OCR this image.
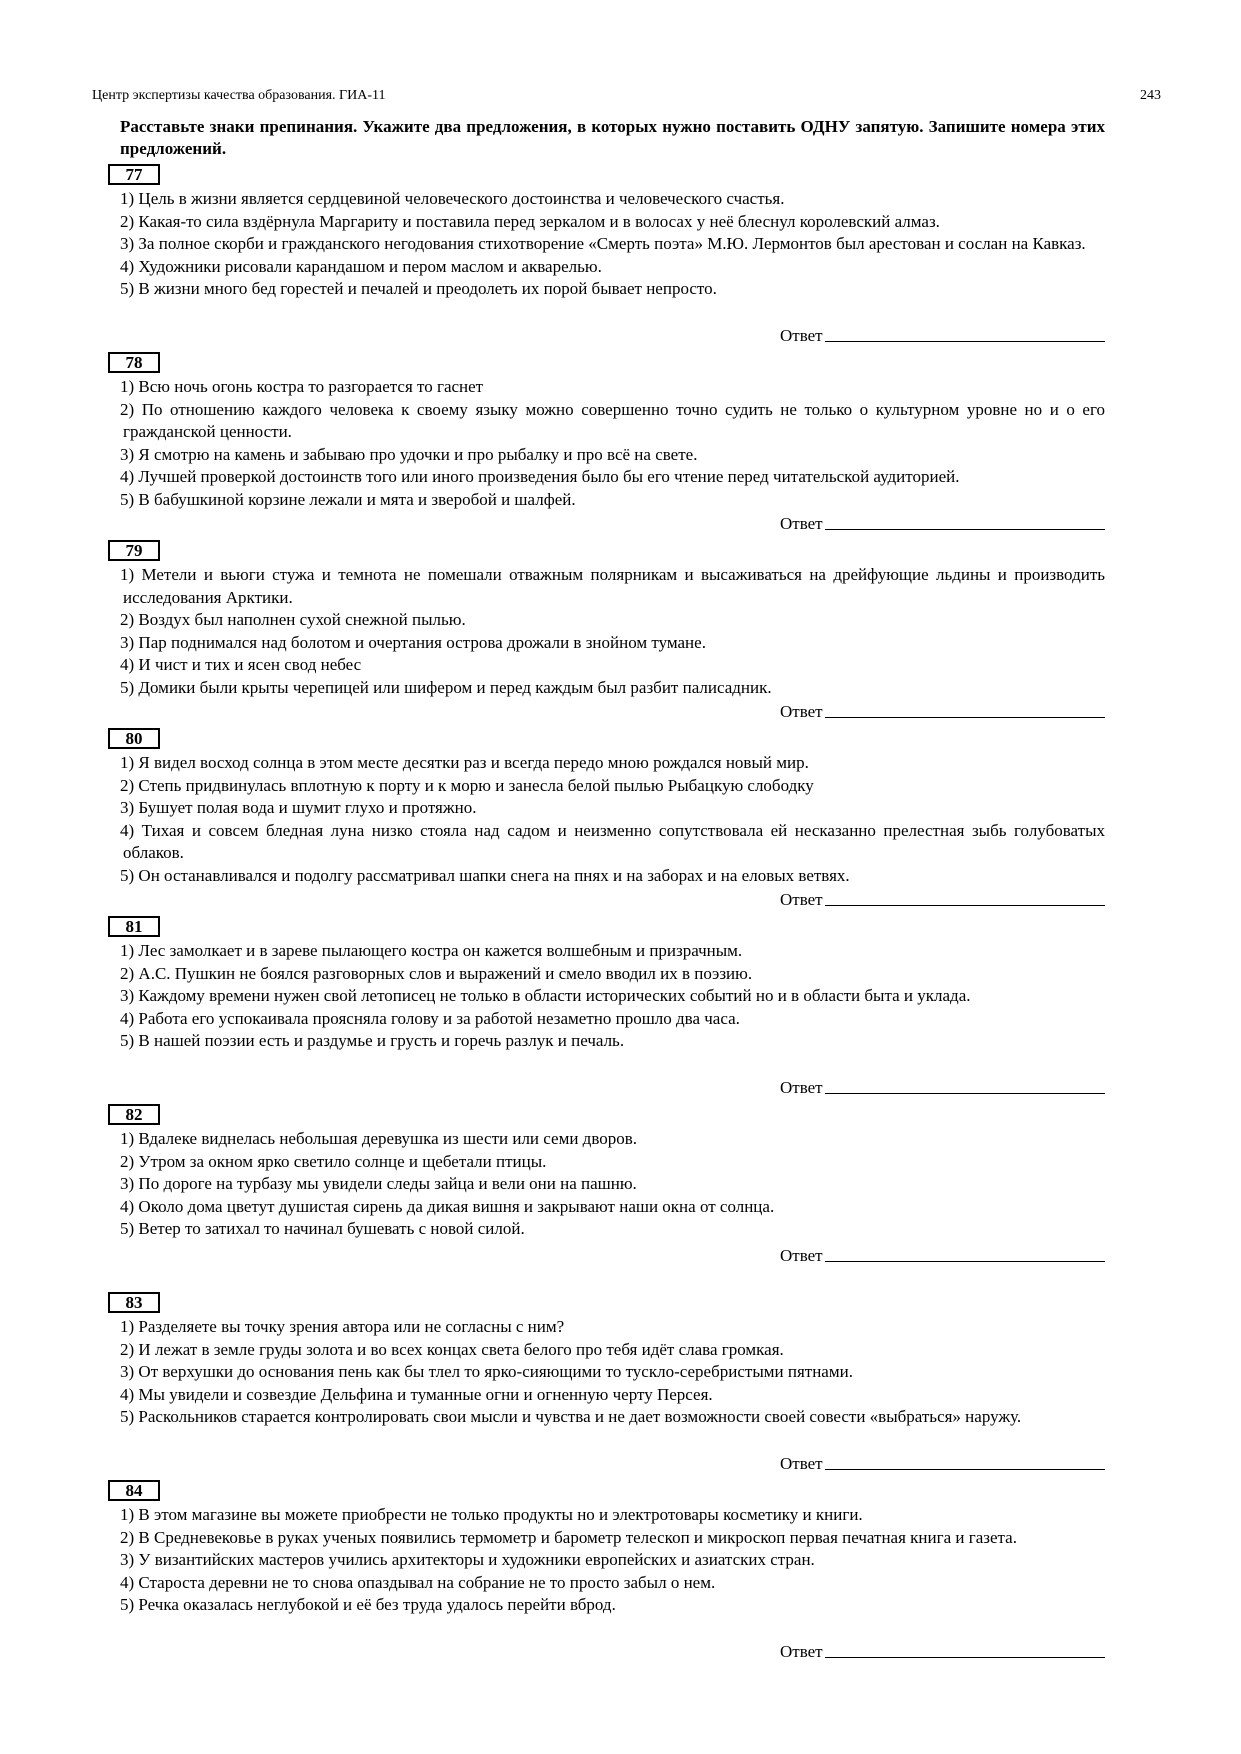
Центр экспертизы качества образования. ГИА-11	243
Расставьте знаки препинания. Укажите два предложения, в которых нужно поставить ОДНУ запятую. Запишите номера этих предложений.
77
1) Цель в жизни является сердцевиной человеческого достоинства и человеческого счастья.
2) Какая-то сила вздёрнула Маргариту и поставила перед зеркалом и в волосах у неё блеснул королевский алмаз.
3) За полное скорби и гражданского негодования стихотворение «Смерть поэта» М.Ю. Лермонтов был арестован и сослан на Кавказ.
4) Художники рисовали карандашом и пером маслом и акварелью.
5) В жизни много бед горестей и печалей и преодолеть их порой бывает непросто.
Ответ
78
1) Всю ночь огонь костра то разгорается то гаснет
2) По отношению каждого человека к своему языку можно совершенно точно судить не только о культурном уровне но и о его гражданской ценности.
3) Я смотрю на камень и забываю про удочки и про рыбалку и про всё на свете.
4) Лучшей проверкой достоинств того или иного произведения было бы его чтение перед читательской аудиторией.
5) В бабушкиной корзине лежали и мята и зверобой и шалфей.
Ответ
79
1) Метели и вьюги стужа и темнота не помешали отважным полярникам и высаживаться на дрейфующие льдины и производить исследования Арктики.
2) Воздух был наполнен сухой снежной пылью.
3) Пар поднимался над болотом и очертания острова дрожали в знойном тумане.
4) И чист и тих и ясен свод небес
5) Домики были крыты черепицей или шифером и перед каждым был разбит палисадник.
Ответ
80
1) Я видел восход солнца в этом месте десятки раз и всегда передо мною рождался новый мир.
2) Степь придвинулась вплотную к порту и к морю и занесла белой пылью Рыбацкую слободку
3) Бушует полая вода и шумит глухо и протяжно.
4) Тихая и совсем бледная луна низко стояла над садом и неизменно сопутствовала ей несказанно прелестная зыбь голубоватых облаков.
5) Он останавливался и подолгу рассматривал шапки снега на пнях и на заборах и на еловых ветвях.
Ответ
81
1) Лес замолкает и в зареве пылающего костра он кажется волшебным и призрачным.
2) А.С. Пушкин не боялся разговорных слов и выражений и смело вводил их в поэзию.
3) Каждому времени нужен свой летописец не только в области исторических событий но и в области быта и уклада.
4) Работа его успокаивала проясняла голову и за работой незаметно прошло два часа.
5) В нашей поэзии есть и раздумье и грусть и горечь разлук и печаль.
Ответ
82
1) Вдалеке виднелась небольшая деревушка из шести или семи дворов.
2) Утром за окном ярко светило солнце и щебетали птицы.
3) По дороге на турбазу мы увидели следы зайца и вели они на пашню.
4) Около дома цветут душистая сирень да дикая вишня и закрывают наши окна от солнца.
5) Ветер то затихал то начинал бушевать с новой силой.
Ответ
83
1) Разделяете вы точку зрения автора или не согласны с ним?
2) И лежат в земле груды золота и во всех концах света белого про тебя идёт слава громкая.
3) От верхушки до основания пень как бы тлел то ярко-сияющими то тускло-серебристыми пятнами.
4) Мы увидели и созвездие Дельфина и туманные огни и огненную черту Персея.
5) Раскольников старается контролировать свои мысли и чувства и не дает возможности своей совести «выбраться» наружу.
Ответ
84
1) В этом магазине вы можете приобрести не только продукты но и электротовары косметику и книги.
2) В Средневековье в руках ученых появились термометр и барометр телескоп и микроскоп первая печатная книга и газета.
3) У византийских мастеров учились архитекторы и художники европейских и азиатских стран.
4) Староста деревни не то снова опаздывал на собрание не то просто забыл о нем.
5) Речка оказалась неглубокой и её без труда удалось перейти вброд.
Ответ
